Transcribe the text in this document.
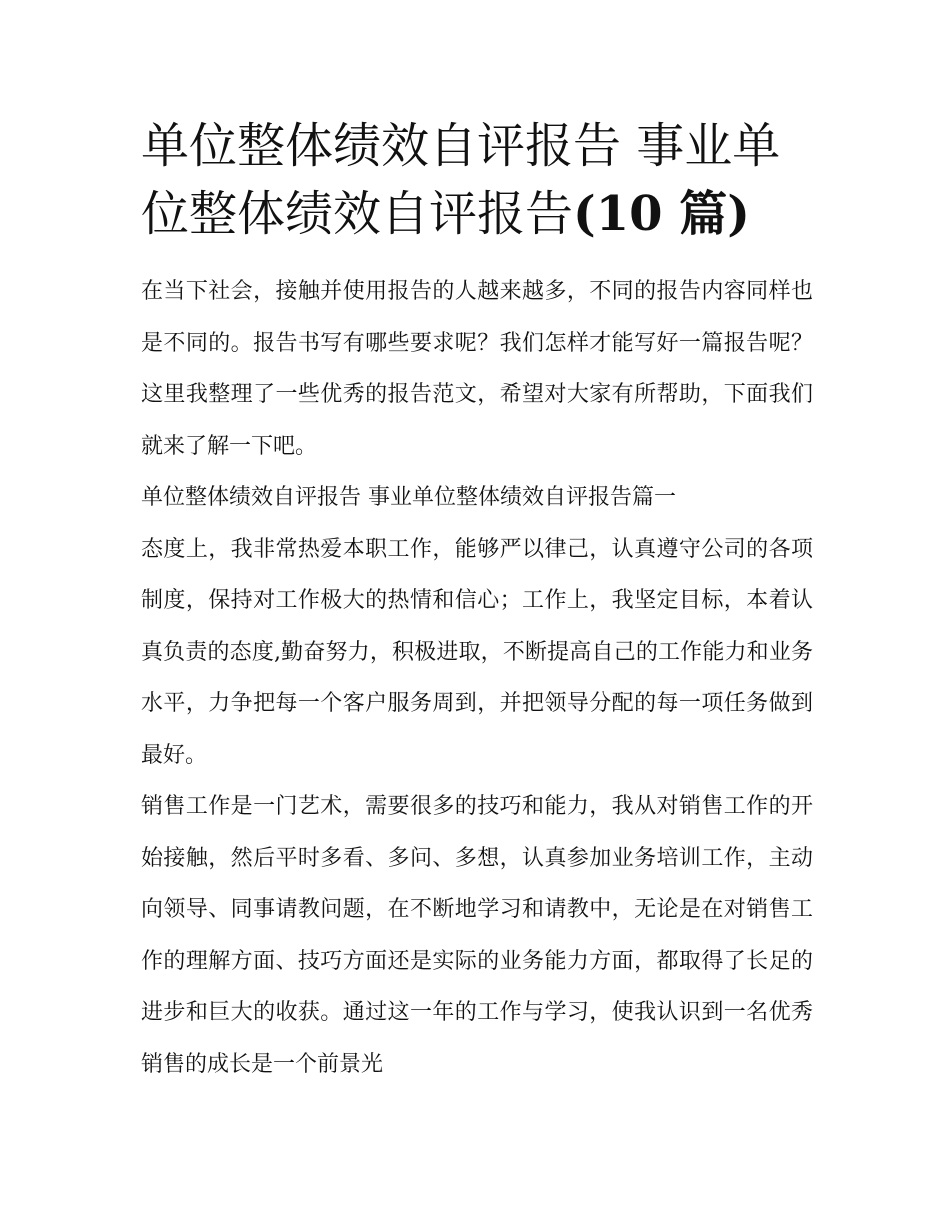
单位整体绩效自评报告 事业单位整体绩效自评报告(10 篇)

在当下社会，接触并使用报告的人越来越多，不同的报告内容同样也是不同的。报告书写有哪些要求呢？我们怎样才能写好一篇报告呢？这里我整理了一些优秀的报告范文，希望对大家有所帮助，下面我们就来了解一下吧。

单位整体绩效自评报告 事业单位整体绩效自评报告篇一

态度上，我非常热爱本职工作，能够严以律己，认真遵守公司的各项制度，保持对工作极大的热情和信心；工作上，我坚定目标，本着认真负责的态度,勤奋努力，积极进取，不断提高自己的工作能力和业务水平，力争把每一个客户服务周到，并把领导分配的每一项任务做到最好。

销售工作是一门艺术，需要很多的技巧和能力，我从对销售工作的开始接触，然后平时多看、多问、多想，认真参加业务培训工作，主动向领导、同事请教问题，在不断地学习和请教中，无论是在对销售工作的理解方面、技巧方面还是实际的业务能力方面，都取得了长足的进步和巨大的收获。通过这一年的工作与学习，使我认识到一名优秀销售的成长是一个前景光
